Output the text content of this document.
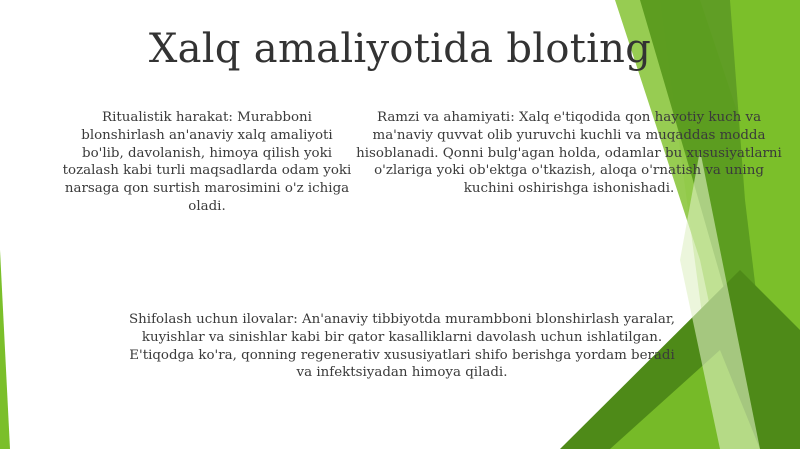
Xalq amaliyotida bloting
Ritualistik harakat: Murabboni blonshirlash an'anaviy xalq amaliyoti bo'lib, davolanish, himoya qilish yoki tozalash kabi turli maqsadlarda odam yoki narsaga qon surtish marosimini o'z ichiga oladi.
Ramzi va ahamiyati: Xalq e'tiqodida qon hayotiy kuch va ma'naviy quvvat olib yuruvchi kuchli va muqaddas modda hisoblanadi. Qonni bulg'agan holda, odamlar bu xususiyatlarni o'zlariga yoki ob'ektga o'tkazish, aloqa o'rnatish va uning kuchini oshirishga ishonishadi.
Shifolash uchun ilovalar: An'anaviy tibbiyotda murambboni blonshirlash yaralar, kuyishlar va sinishlar kabi bir qator kasalliklarni davolash uchun ishlatilgan. E'tiqodga ko'ra, qonning regenerativ xususiyatlari shifo berishga yordam beradi va infektsiyadan himoya qiladi.
